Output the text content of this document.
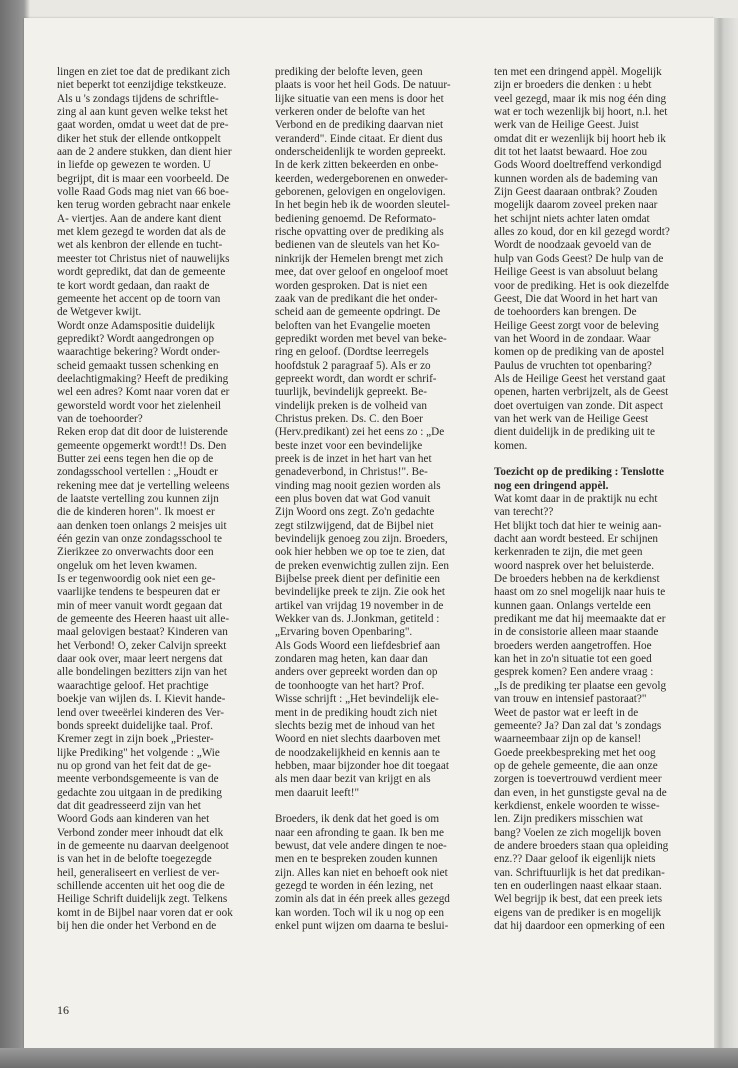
lingen en ziet toe dat de predikant zich
niet beperkt tot eenzijdige tekstkeuze.
Als u 's zondags tijdens de schriftle-
zing al aan kunt geven welke tekst het
gaat worden, omdat u weet dat de pre-
diker het stuk der ellende ontkoppelt
aan de 2 andere stukken, dan dient hier
in liefde op gewezen te worden. U
begrijpt, dit is maar een voorbeeld. De
volle Raad Gods mag niet van 66 boe-
ken terug worden gebracht naar enkele
A- viertjes. Aan de andere kant dient
met klem gezegd te worden dat als de
wet als kenbron der ellende en tucht-
meester tot Christus niet of nauwelijks
wordt gepredikt, dat dan de gemeente
te kort wordt gedaan, dan raakt de
gemeente het accent op de toorn van
de Wetgever kwijt.
Wordt onze Adamspositie duidelijk
gepredikt? Wordt aangedrongen op
waarachtige bekering? Wordt onder-
scheid gemaakt tussen schenking en
deelachtigmaking? Heeft de prediking
wel een adres? Komt naar voren dat er
geworsteld wordt voor het zielenheil
van de toehoorder?
Reken erop dat dit door de luisterende
gemeente opgemerkt wordt!! Ds. Den
Butter zei eens tegen hen die op de
zondagsschool vertellen : „Houdt er
rekening mee dat je vertelling weleens
de laatste vertelling zou kunnen zijn
die de kinderen horen". Ik moest er
aan denken toen onlangs 2 meisjes uit
één gezin van onze zondagsschool te
Zierikzee zo onverwachts door een
ongeluk om het leven kwamen.
Is er tegenwoordig ook niet een ge-
vaarlijke tendens te bespeuren dat er
min of meer vanuit wordt gegaan dat
de gemeente des Heeren haast uit alle-
maal gelovigen bestaat? Kinderen van
het Verbond! O, zeker Calvijn spreekt
daar ook over, maar leert nergens dat
alle bondelingen bezitters zijn van het
waarachtige geloof. Het prachtige
boekje van wijlen ds. I. Kievit hande-
lend over tweeërlei kinderen des Ver-
bonds spreekt duidelijke taal. Prof.
Kremer zegt in zijn boek „Priester-
lijke Prediking" het volgende : „Wie
nu op grond van het feit dat de ge-
meente verbondsgemeente is van de
gedachte zou uitgaan in de prediking
dat dit geadresseerd zijn van het
Woord Gods aan kinderen van het
Verbond zonder meer inhoudt dat elk
in de gemeente nu daarvan deelgenoot
is van het in de belofte toegezegde
heil, generaliseert en verliest de ver-
schillende accenten uit het oog die de
Heilige Schrift duidelijk zegt. Telkens
komt in de Bijbel naar voren dat er ook
bij hen die onder het Verbond en de
prediking der belofte leven, geen
plaats is voor het heil Gods. De natuur-
lijke situatie van een mens is door het
verkeren onder de belofte van het
Verbond en de prediking daarvan niet
veranderd". Einde citaat. Er dient dus
onderscheidenlijk te worden gepreekt.
In de kerk zitten bekeerden en onbe-
keerden, wedergeborenen en onweder-
geborenen, gelovigen en ongelovigen.
In het begin heb ik de woorden sleutel-
bediening genoemd. De Reformato-
rische opvatting over de prediking als
bedienen van de sleutels van het Ko-
ninkrijk der Hemelen brengt met zich
mee, dat over geloof en ongeloof moet
worden gesproken. Dat is niet een
zaak van de predikant die het onder-
scheid aan de gemeente opdringt. De
beloften van het Evangelie moeten
gepredikt worden met bevel van beke-
ring en geloof. (Dordtse leerregels
hoofdstuk 2 paragraaf 5). Als er zo
gepreekt wordt, dan wordt er schrif-
tuurlijk, bevindelijk gepreekt. Be-
vindelijk preken is de volheid van
Christus preken. Ds. C. den Boer
(Herv.predikant) zei het eens zo : „De
beste inzet voor een bevindelijke
preek is de inzet in het hart van het
genadeverbond, in Christus!". Be-
vinding mag nooit gezien worden als
een plus boven dat wat God vanuit
Zijn Woord ons zegt. Zo'n gedachte
zegt stilzwijgend, dat de Bijbel niet
bevindelijk genoeg zou zijn. Broeders,
ook hier hebben we op toe te zien, dat
de preken evenwichtig zullen zijn. Een
Bijbelse preek dient per definitie een
bevindelijke preek te zijn. Zie ook het
artikel van vrijdag 19 november in de
Wekker van ds. J.Jonkman, getiteld :
„Ervaring boven Openbaring".
Als Gods Woord een liefdesbrief aan
zondaren mag heten, kan daar dan
anders over gepreekt worden dan op
de toonhoogte van het hart? Prof.
Wisse schrijft : „Het bevindelijk ele-
ment in de prediking houdt zich niet
slechts bezig met de inhoud van het
Woord en niet slechts daarboven met
de noodzakelijkheid en kennis aan te
hebben, maar bijzonder hoe dit toegaat
als men daar bezit van krijgt en als
men daaruit leeft!"
Broeders, ik denk dat het goed is om
naar een afronding te gaan. Ik ben me
bewust, dat vele andere dingen te noe-
men en te bespreken zouden kunnen
zijn. Alles kan niet en behoeft ook niet
gezegd te worden in één lezing, net
zomin als dat in één preek alles gezegd
kan worden. Toch wil ik u nog op een
enkel punt wijzen om daarna te beslui-
ten met een dringend appèl. Mogelijk
zijn er broeders die denken : u hebt
veel gezegd, maar ik mis nog één ding
wat er toch wezenlijk bij hoort, n.l. het
werk van de Heilige Geest. Juist
omdat dit er wezenlijk bij hoort heb ik
dit tot het laatst bewaard. Hoe zou
Gods Woord doeltreffend verkondigd
kunnen worden als de bademing van
Zijn Geest daaraan ontbrak? Zouden
mogelijk daarom zoveel preken naar
het schijnt niets achter laten omdat
alles zo koud, dor en kil gezegd wordt?
Wordt de noodzaak gevoeld van de
hulp van Gods Geest? De hulp van de
Heilige Geest is van absoluut belang
voor de prediking. Het is ook diezelfde
Geest, Die dat Woord in het hart van
de toehoorders kan brengen. De
Heilige Geest zorgt voor de beleving
van het Woord in de zondaar. Waar
komen op de prediking van de apostel
Paulus de vruchten tot openbaring?
Als de Heilige Geest het verstand gaat
openen, harten verbrijzelt, als de Geest
doet overtuigen van zonde. Dit aspect
van het werk van de Heilige Geest
dient duidelijk in de prediking uit te
komen.
Toezicht op de prediking : Tenslotte
nog een dringend appèl.
Wat komt daar in de praktijk nu echt
van terecht??
Het blijkt toch dat hier te weinig aan-
dacht aan wordt besteed. Er schijnen
kerkenraden te zijn, die met geen
woord nasprek over het beluisterde.
De broeders hebben na de kerkdienst
haast om zo snel mogelijk naar huis te
kunnen gaan. Onlangs vertelde een
predikant me dat hij meemaakte dat er
in de consistorie alleen maar staande
broeders werden aangetroffen. Hoe
kan het in zo'n situatie tot een goed
gesprek komen? Een andere vraag :
„Is de prediking ter plaatse een gevolg
van trouw en intensief pastoraat?"
Weet de pastor wat er leeft in de
gemeente? Ja? Dan zal dat 's zondags
waarneembaar zijn op de kansel!
Goede preekbespreking met het oog
op de gehele gemeente, die aan onze
zorgen is toevertrouwd verdient meer
dan even, in het gunstigste geval na de
kerkdienst, enkele woorden te wisse-
len. Zijn predikers misschien wat
bang? Voelen ze zich mogelijk boven
de andere broeders staan qua opleiding
enz.?? Daar geloof ik eigenlijk niets
van. Schriftuurlijk is het dat predikan-
ten en ouderlingen naast elkaar staan.
Wel begrijp ik best, dat een preek iets
eigens van de prediker is en mogelijk
dat hij daardoor een opmerking of een
16
